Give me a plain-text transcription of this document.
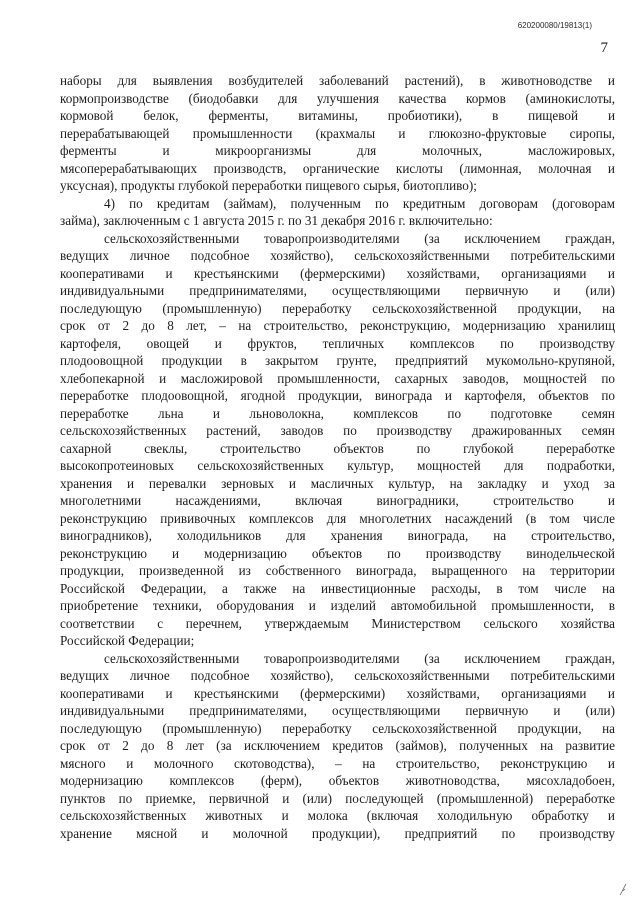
620200080/19813(1)
7
наборы для выявления возбудителей заболеваний растений), в животноводстве и
кормопроизводстве (биодобавки для улучшения качества кормов (аминокислоты,
кормовой белок, ферменты, витамины, пробиотики), в пищевой и
перерабатывающей промышленности (крахмалы и глюкозно-фруктовые сиропы,
ферменты и микроорганизмы для молочных, масложировых,
мясоперерабатывающих производств, органические кислоты (лимонная, молочная и
уксусная), продукты глубокой переработки пищевого сырья, биотопливо);
4) по кредитам (займам), полученным по кредитным договорам (договорам
займа), заключенным с 1 августа 2015 г. по 31 декабря 2016 г. включительно:
сельскохозяйственными товаропроизводителями (за исключением граждан,
ведущих личное подсобное хозяйство), сельскохозяйственными потребительскими
кооперативами и крестьянскими (фермерскими) хозяйствами, организациями и
индивидуальными предпринимателями, осуществляющими первичную и (или)
последующую (промышленную) переработку сельскохозяйственной продукции, на
срок от 2 до 8 лет, – на строительство, реконструкцию, модернизацию хранилищ
картофеля, овощей и фруктов, тепличных комплексов по производству
плодоовощной продукции в закрытом грунте, предприятий мукомольно-крупяной,
хлебопекарной и масложировой промышленности, сахарных заводов, мощностей по
переработке плодоовощной, ягодной продукции, винограда и картофеля, объектов по
переработке льна и льноволокна, комплексов по подготовке семян
сельскохозяйственных растений, заводов по производству дражированных семян
сахарной свеклы, строительство объектов по глубокой переработке
высокопротеиновых сельскохозяйственных культур, мощностей для подработки,
хранения и перевалки зерновых и масличных культур, на закладку и уход за
многолетними насаждениями, включая виноградники, строительство и
реконструкцию прививочных комплексов для многолетних насаждений (в том числе
виноградников), холодильников для хранения винограда, на строительство,
реконструкцию и модернизацию объектов по производству винодельческой
продукции, произведенной из собственного винограда, выращенного на территории
Российской Федерации, а также на инвестиционные расходы, в том числе на
приобретение техники, оборудования и изделий автомобильной промышленности, в
соответствии с перечнем, утверждаемым Министерством сельского хозяйства
Российской Федерации;
сельскохозяйственными товаропроизводителями (за исключением граждан,
ведущих личное подсобное хозяйство), сельскохозяйственными потребительскими
кооперативами и крестьянскими (фермерскими) хозяйствами, организациями и
индивидуальными предпринимателями, осуществляющими первичную и (или)
последующую (промышленную) переработку сельскохозяйственной продукции, на
срок от 2 до 8 лет (за исключением кредитов (займов), полученных на развитие
мясного и молочного скотоводства), – на строительство, реконструкцию и
модернизацию комплексов (ферм), объектов животноводства, мясохладобоен,
пунктов по приемке, первичной и (или) последующей (промышленной) переработке
сельскохозяйственных животных и молока (включая холодильную обработку и
хранение мясной и молочной продукции), предприятий по производству
